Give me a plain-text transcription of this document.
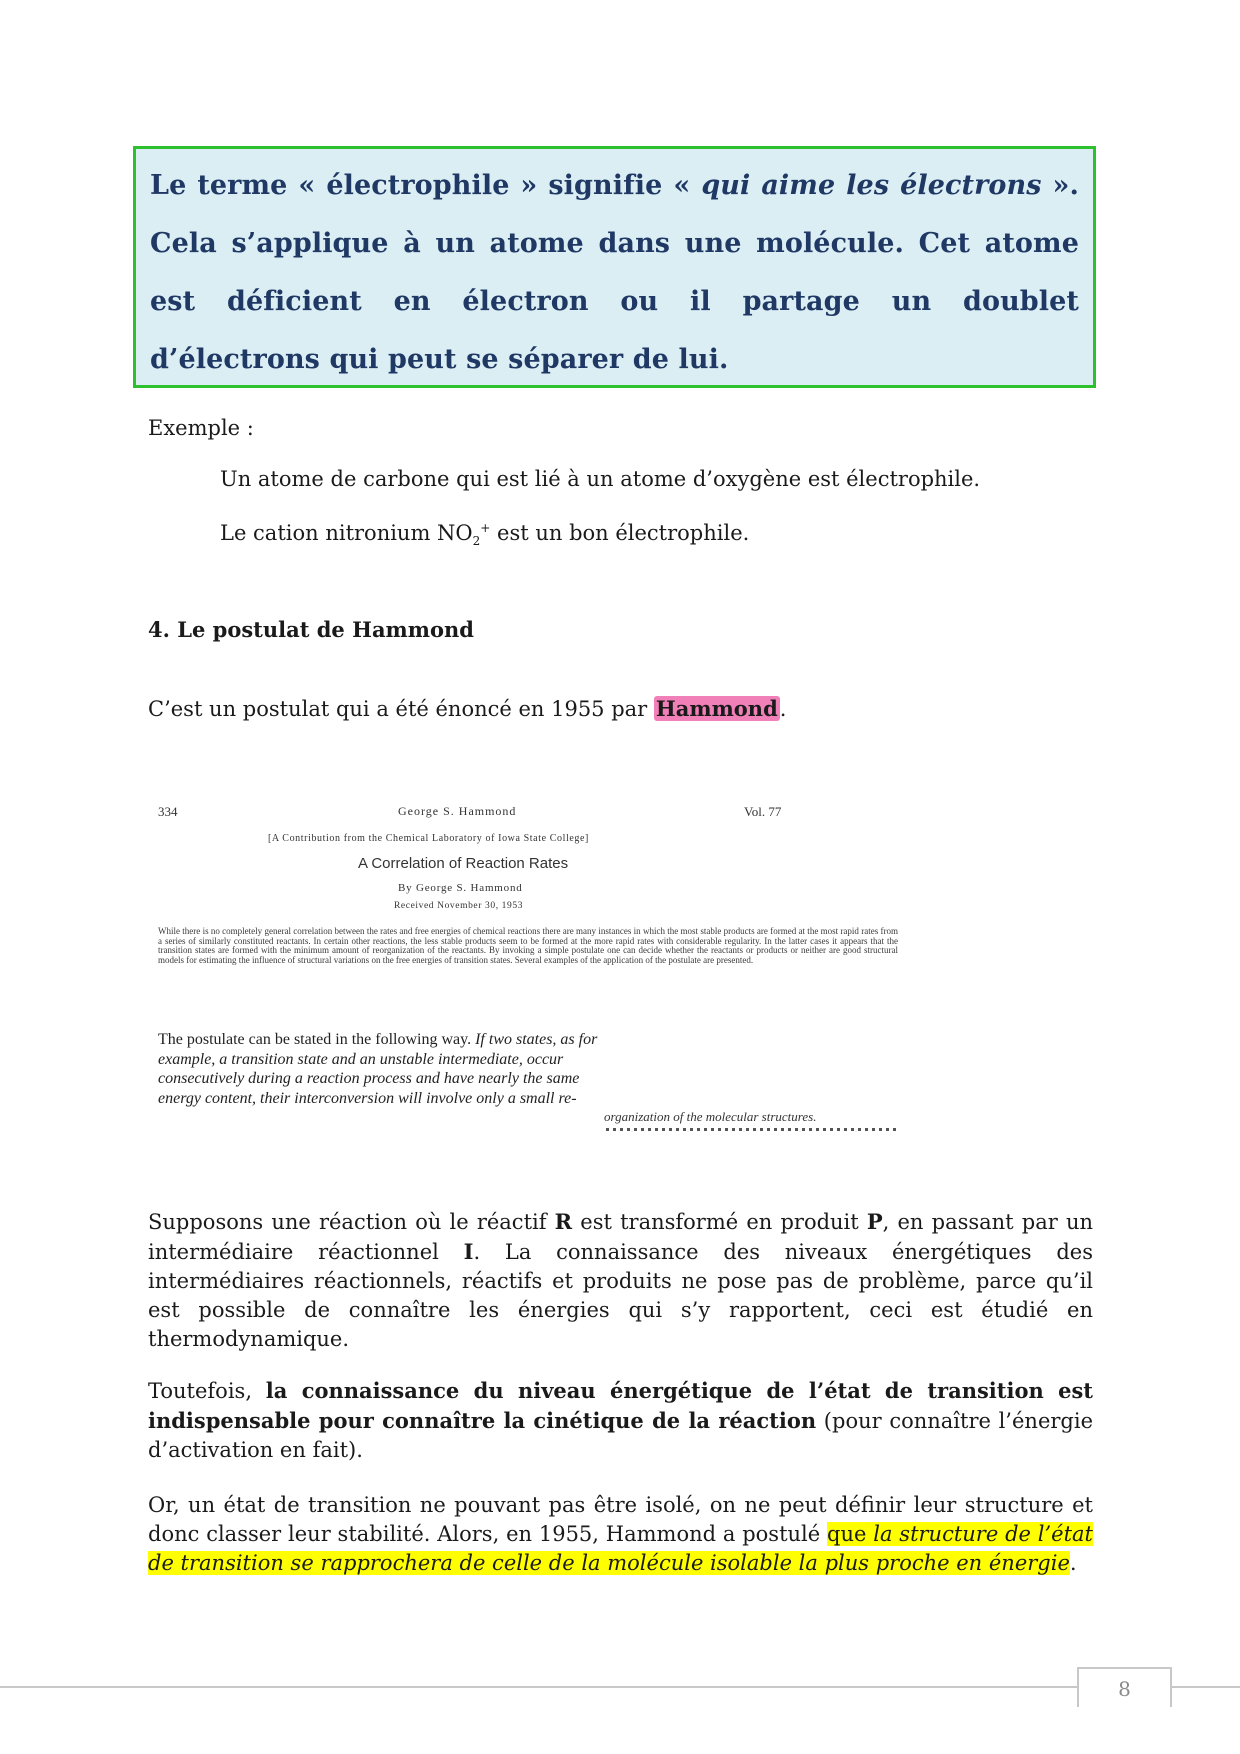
Le terme « électrophile » signifie « qui aime les électrons ». Cela s’applique à un atome dans une molécule. Cet atome est déficient en électron ou il partage un doublet d’électrons qui peut se séparer de lui.
Exemple :
Un atome de carbone qui est lié à un atome d’oxygène est électrophile.
Le cation nitronium $NO_2^+$ est un bon électrophile.
4. Le postulat de Hammond
C’est un postulat qui a été énoncé en 1955 par Hammond.
334	George S. Hammond	Vol. 77
[A Contribution from the Chemical Laboratory of Iowa State College]
A Correlation of Reaction Rates
By George S. Hammond
Received November 30, 1953
While there is no completely general correlation between the rates and free energies of chemical reactions there are many instances in which the most stable products are formed at the most rapid rates from a series of similarly constituted reactants. In certain other reactions, the less stable products seem to be formed at the more rapid rates with considerable regularity. In the latter cases it appears that the transition states are formed with the minimum amount of reorganization of the reactants. By invoking a simple postulate one can decide whether the reactants or products or neither are good structural models for estimating the influence of structural variations on the free energies of transition states. Several examples of the application of the postulate are presented.
The postulate can be stated in the following way. If two states, as for example, a transition state and an unstable intermediate, occur consecutively during a reaction process and have nearly the same energy content, their interconversion will involve only a small re-
organization of the molecular structures.
Supposons une réaction où le réactif R est transformé en produit P, en passant par un intermédiaire réactionnel I. La connaissance des niveaux énergétiques des intermédiaires réactionnels, réactifs et produits ne pose pas de problème, parce qu’il est possible de connaître les énergies qui s’y rapportent, ceci est étudié en thermodynamique.
Toutefois, la connaissance du niveau énergétique de l’état de transition est indispensable pour connaître la cinétique de la réaction (pour connaître l’énergie d’activation en fait).
Or, un état de transition ne pouvant pas être isolé, on ne peut définir leur structure et donc classer leur stabilité. Alors, en 1955, Hammond a postulé que la structure de l’état de transition se rapprochera de celle de la molécule isolable la plus proche en énergie.
8
